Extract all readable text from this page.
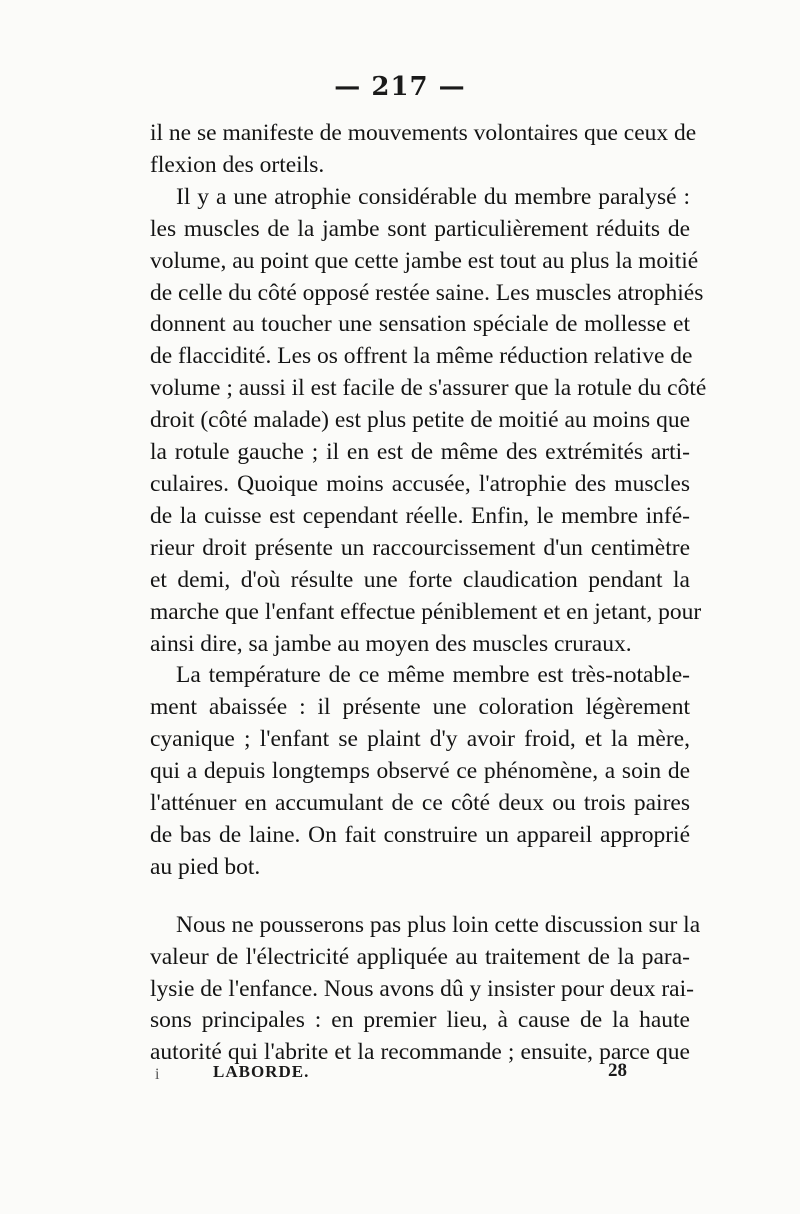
— 217 —
il ne se manifeste de mouvements volontaires que ceux de
flexion des orteils.
Il y a une atrophie considérable du membre paralysé :
les muscles de la jambe sont particulièrement réduits de
volume, au point que cette jambe est tout au plus la moitié
de celle du côté opposé restée saine. Les muscles atrophiés
donnent au toucher une sensation spéciale de mollesse et
de flaccidité. Les os offrent la même réduction relative de
volume ; aussi il est facile de s'assurer que la rotule du côté
droit (côté malade) est plus petite de moitié au moins que
la rotule gauche ; il en est de même des extrémités arti-
culaires. Quoique moins accusée, l'atrophie des muscles
de la cuisse est cependant réelle. Enfin, le membre infé-
rieur droit présente un raccourcissement d'un centimètre
et demi, d'où résulte une forte claudication pendant la
marche que l'enfant effectue péniblement et en jetant, pour
ainsi dire, sa jambe au moyen des muscles cruraux.
La température de ce même membre est très-notable-
ment abaissée : il présente une coloration légèrement
cyanique ; l'enfant se plaint d'y avoir froid, et la mère,
qui a depuis longtemps observé ce phénomène, a soin de
l'atténuer en accumulant de ce côté deux ou trois paires
de bas de laine. On fait construire un appareil approprié
au pied bot.
Nous ne pousserons pas plus loin cette discussion sur la
valeur de l'électricité appliquée au traitement de la para-
lysie de l'enfance. Nous avons dû y insister pour deux rai-
sons principales : en premier lieu, à cause de la haute
autorité qui l'abrite et la recommande ; ensuite, parce que
i	LABORDE.	28
